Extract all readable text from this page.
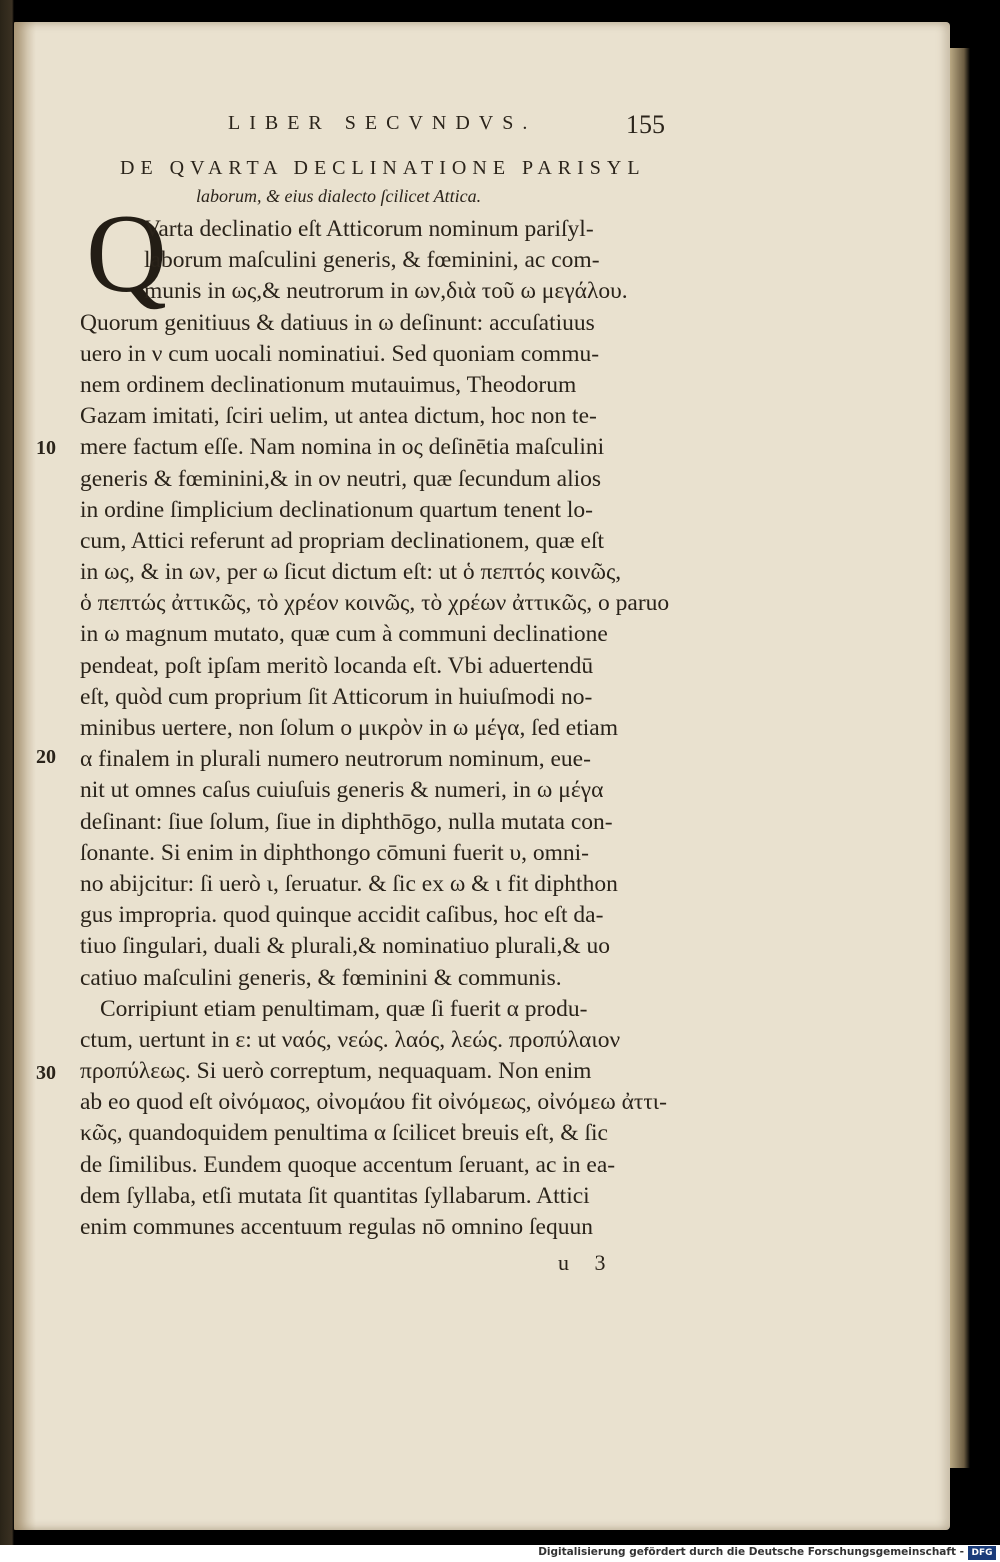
LIBER SECVNDVS.	155
DE QVARTA DECLINATIONE PARISYL
laborum, & eius dialecto ſcilicet Attica.
Q
Varta declinatio eſt Atticorum nominum pariſyl-
laborum maſculini generis, & fœminini, ac com-
munis in ως,& neutrorum in ων,διὰ τοῦ ω μεγάλου.
Quorum genitiuus & datiuus in ω deſinunt: accuſatiuus
uero in ν cum uocali nominatiui. Sed quoniam commu-
nem ordinem declinationum mutauimus, Theodorum
Gazam imitati, ſciri uelim, ut antea dictum, hoc non te-
mere factum eſſe. Nam nomina in ος deſinētia maſculini
generis & fœminini,& in ον neutri, quæ ſecundum alios
in ordine ſimplicium declinationum quartum tenent lo-
cum, Attici referunt ad propriam declinationem, quæ eſt
in ως, & in ων, per ω ſicut dictum eſt: ut ὁ πεπτός κοινῶς,
ὁ πεπτώς ἀττικῶς, τὸ χρέον κοινῶς, τὸ χρέων ἀττικῶς, ο paruo
in ω magnum mutato, quæ cum à communi declinatione
pendeat, poſt ipſam meritò locanda eſt. Vbi aduertendū
eſt, quòd cum proprium ſit Atticorum in huiuſmodi no-
minibus uertere, non ſolum ο μικρὸν in ω μέγα, ſed etiam
α finalem in plurali numero neutrorum nominum, eue-
nit ut omnes caſus cuiuſuis generis & numeri, in ω μέγα
deſinant: ſiue ſolum, ſiue in diphthōgo, nulla mutata con-
ſonante. Si enim in diphthongo cōmuni fuerit υ, omni-
no abijcitur: ſi uerò ι, ſeruatur. & ſic ex ω & ι fit diphthon
gus impropria. quod quinque accidit caſibus, hoc eſt da-
tiuo ſingulari, duali & plurali,& nominatiuo plurali,& uo
catiuo maſculini generis, & fœminini & communis.
Corripiunt etiam penultimam, quæ ſi fuerit α produ-
ctum, uertunt in ε: ut ναός, νεώς. λαός, λεώς. προπύλαιον
προπύλεως. Si uerò correptum, nequaquam. Non enim
ab eo quod eſt οἰνόμαος, οἰνομάου fit οἰνόμεως, οἰνόμεω ἀττι-
κῶς, quandoquidem penultima α ſcilicet breuis eſt, & ſic
de ſimilibus. Eundem quoque accentum ſeruant, ac in ea-
dem ſyllaba, etſi mutata ſit quantitas ſyllabarum. Attici
enim communes accentuum regulas nō omnino ſequun
10
20
30
u 3
Digitalisierung gefördert durch die Deutsche Forschungsgemeinschaft - DFG
